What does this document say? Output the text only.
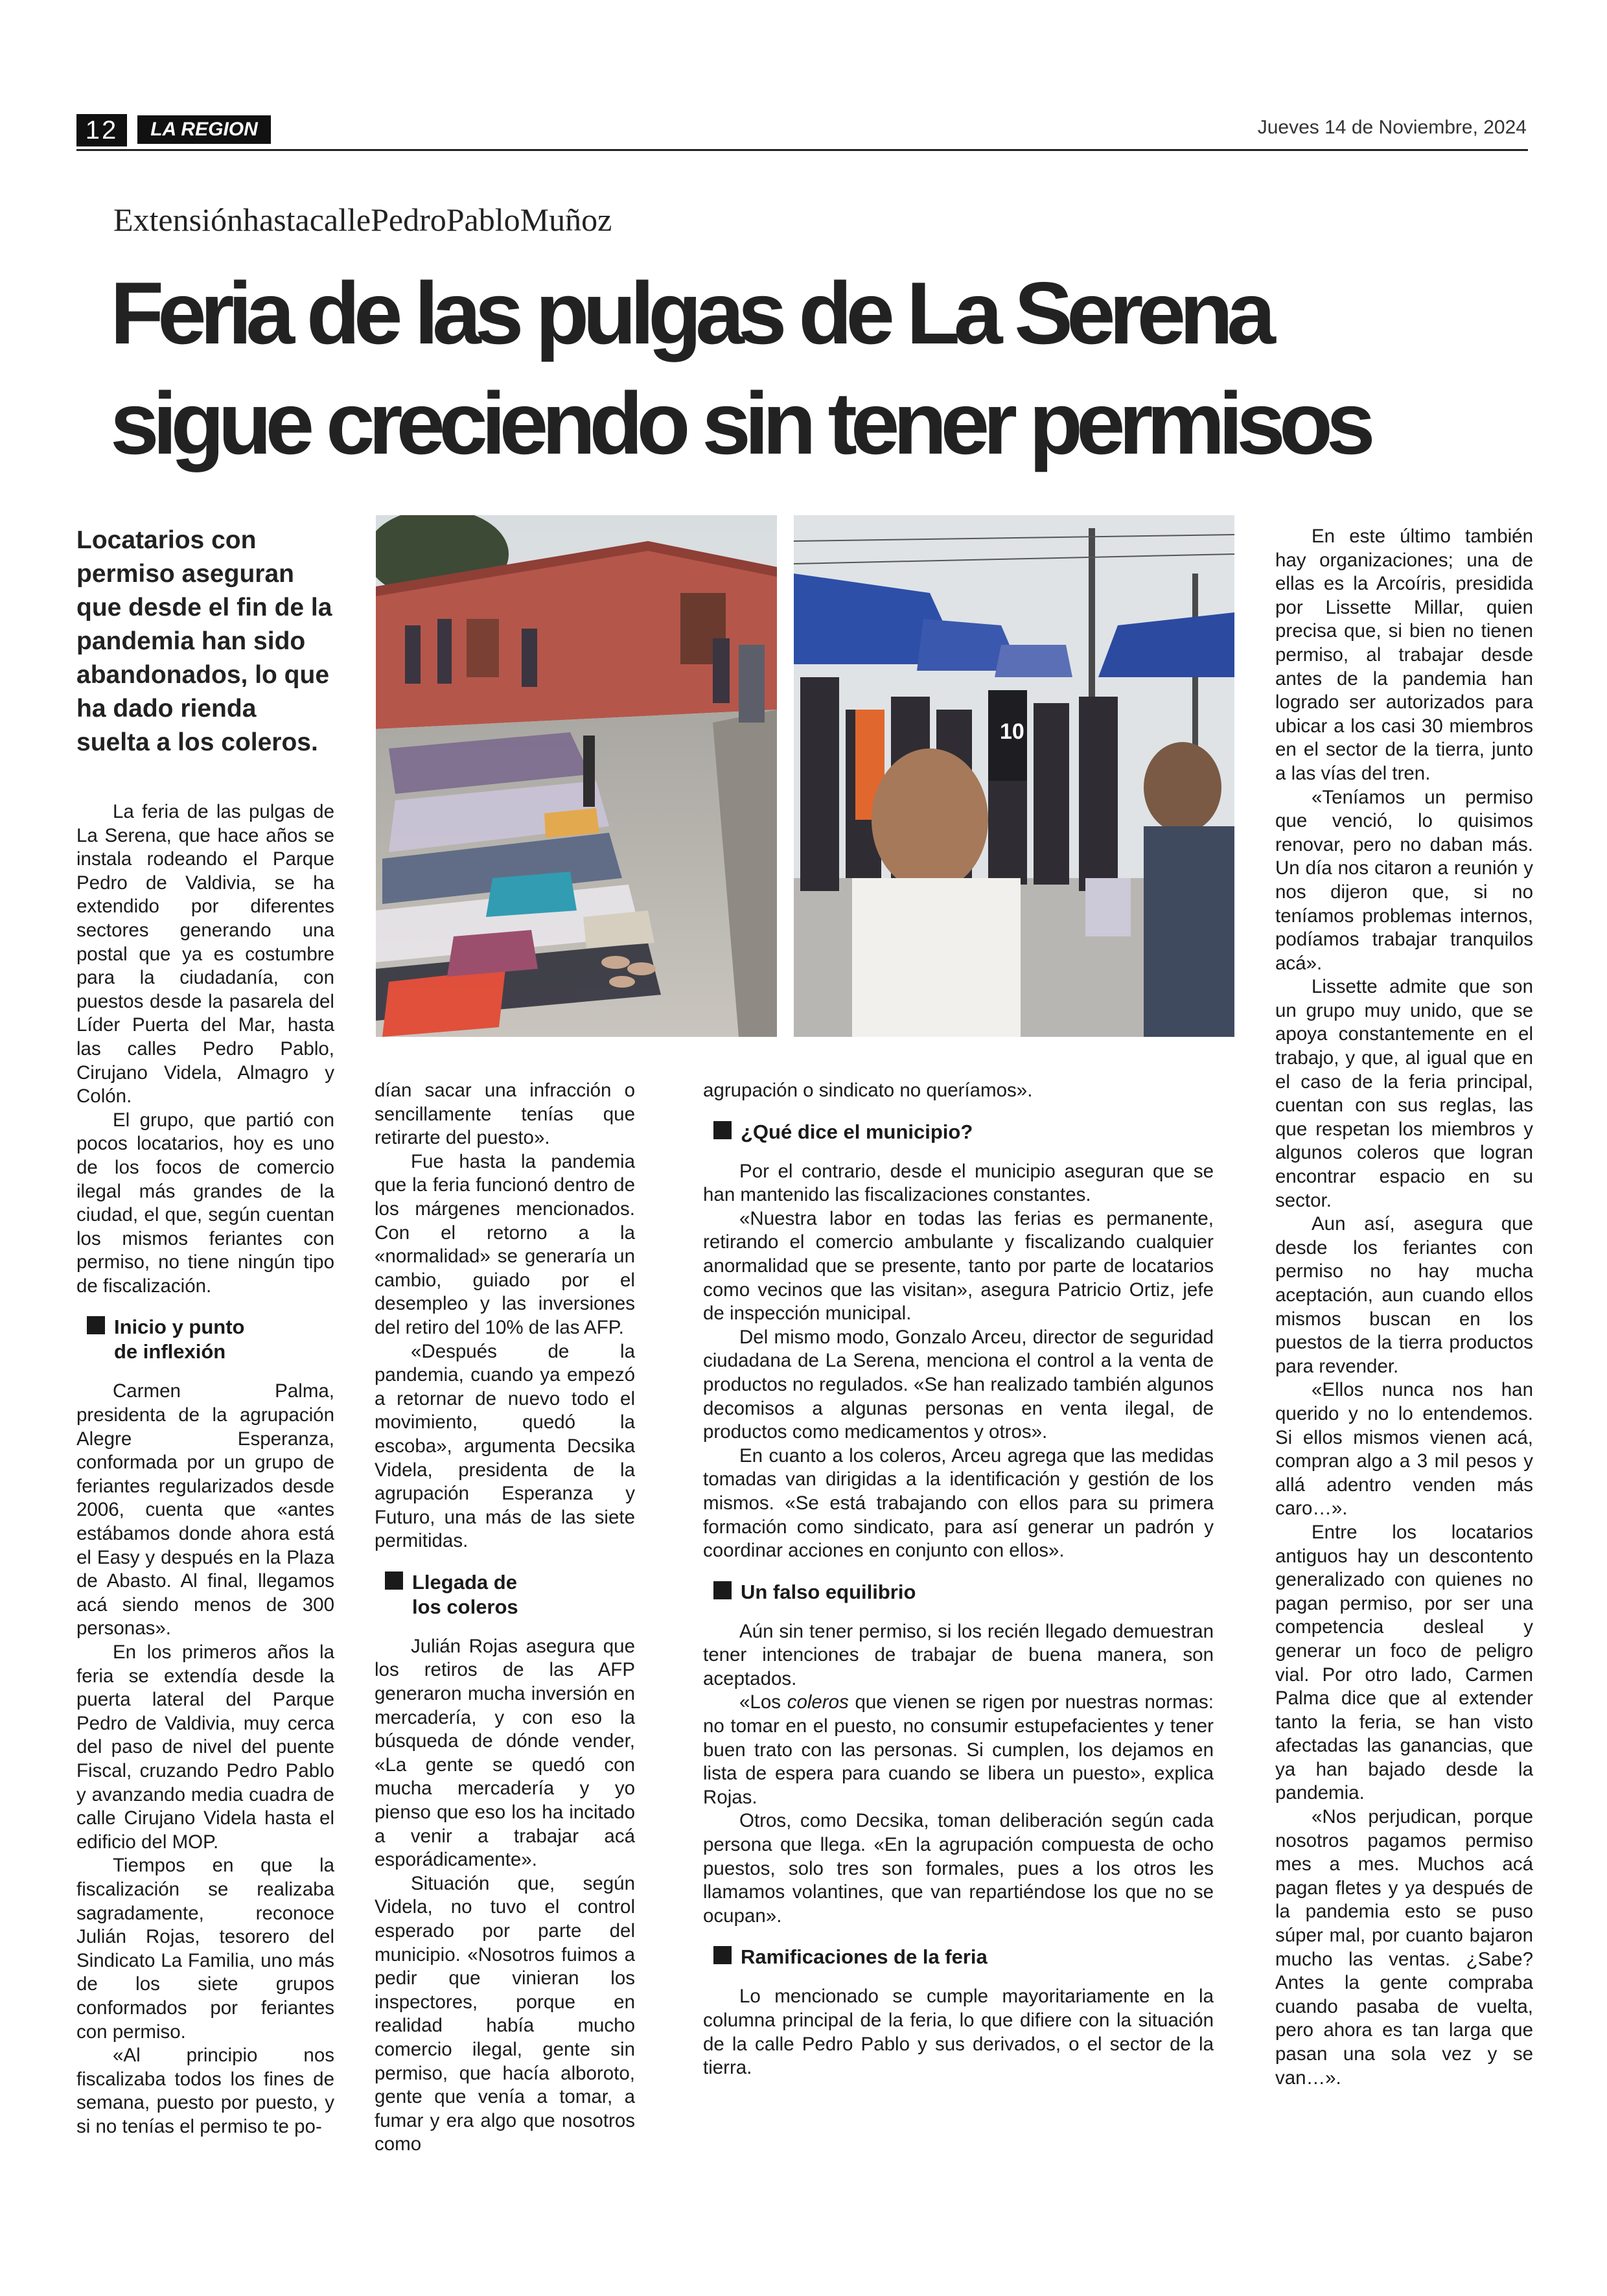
12	LA REGION	Jueves 14 de Noviembre, 2024
ExtensiónhastacallePedroPabloMuñoz
Feria de las pulgas de La Serena
sigue creciendo sin tener permisos
Locatarios con permiso aseguran que desde el fin de la pandemia han sido abandonados, lo que ha dado rienda suelta a los coleros.	10

La feria de las pulgas de La Serena, que hace años se instala rodeando el Parque Pedro de Valdivia, se ha extendido por diferentes sectores generando una postal que ya es costumbre para la ciudadanía, con puestos desde la pasarela del Líder Puerta del Mar, hasta las calles Pedro Pablo, Cirujano Videla, Almagro y Colón.

El grupo, que partió con pocos locatarios, hoy es uno de los focos de comercio ilegal más grandes de la ciudad, el que, según cuentan los mismos feriantes con permiso, no tiene ningún tipo de fiscalización.

Inicio y punto
de inflexión

Carmen Palma, presidenta de la agrupación Alegre Esperanza, conformada por un grupo de feriantes regularizados desde 2006, cuenta que «antes estábamos donde ahora está el Easy y después en la Plaza de Abasto. Al final, llegamos acá siendo menos de 300 personas».

En los primeros años la feria se extendía desde la puerta lateral del Parque Pedro de Valdivia, muy cerca del paso de nivel del puente Fiscal, cruzando Pedro Pablo y avanzando media cuadra de calle Cirujano Videla hasta el edificio del MOP.

Tiempos en que la fiscalización se realizaba sagradamente, reconoce Julián Rojas, tesorero del Sindicato La Familia, uno más de los siete grupos conformados por feriantes con permiso.

«Al principio nos fiscalizaba todos los fines de semana, puesto por puesto, y si no tenías el permiso te po-

dían sacar una infracción o sencillamente tenías que retirarte del puesto».

Fue hasta la pandemia que la feria funcionó dentro de los márgenes mencionados. Con el retorno a la «normalidad» se generaría un cambio, guiado por el desempleo y las inversiones del retiro del 10% de las AFP.

«Después de la pandemia, cuando ya empezó a retornar de nuevo todo el movimiento, quedó la escoba», argumenta Decsika Videla, presidenta de la agrupación Esperanza y Futuro, una más de las siete permitidas.

Llegada de
los coleros

Julián Rojas asegura que los retiros de las AFP generaron mucha inversión en mercadería, y con eso la búsqueda de dónde vender, «La gente se quedó con mucha mercadería y yo pienso que eso los ha incitado a venir a trabajar acá esporádicamente».

Situación que, según Videla, no tuvo el control esperado por parte del municipio. «Nosotros fuimos a pedir que vinieran los inspectores, porque en realidad había mucho comercio ilegal, gente sin permiso, que hacía alboroto, gente que venía a tomar, a fumar y era algo que nosotros como

agrupación o sindicato no queríamos».

¿Qué dice el municipio?

Por el contrario, desde el municipio aseguran que se han mantenido las fiscalizaciones constantes.

«Nuestra labor en todas las ferias es permanente, retirando el comercio ambulante y fiscalizando cualquier anormalidad que se presente, tanto por parte de locatarios como vecinos que las visitan», asegura Patricio Ortiz, jefe de inspección municipal.

Del mismo modo, Gonzalo Arceu, director de seguridad ciudadana de La Serena, menciona el control a la venta de productos no regulados. «Se han realizado también algunos decomisos a algunas personas en venta ilegal, de productos como medicamentos y otros».

En cuanto a los coleros, Arceu agrega que las medidas tomadas van dirigidas a la identificación y gestión de los mismos. «Se está trabajando con ellos para su primera formación como sindicato, para así generar un padrón y coordinar acciones en conjunto con ellos».

Un falso equilibrio

Aún sin tener permiso, si los recién llegado demuestran tener intenciones de trabajar de buena manera, son aceptados.

«Los coleros que vienen se rigen por nuestras normas: no tomar en el puesto, no consumir estupefacientes y tener buen trato con las personas. Si cumplen, los dejamos en lista de espera para cuando se libera un puesto», explica Rojas.

Otros, como Decsika, toman deliberación según cada persona que llega. «En la agrupación compuesta de ocho puestos, solo tres son formales, pues a los otros les llamamos volantines, que van repartiéndose los que no se ocupan».

Ramificaciones de la feria

Lo mencionado se cumple mayoritariamente en la columna principal de la feria, lo que difiere con la situación de la calle Pedro Pablo y sus derivados, o el sector de la tierra.

En este último también hay organizaciones; una de ellas es la Arcoíris, presidida por Lissette Millar, quien precisa que, si bien no tienen permiso, al trabajar desde antes de la pandemia han logrado ser autorizados para ubicar a los casi 30 miembros en el sector de la tierra, junto a las vías del tren.

«Teníamos un permiso que venció, lo quisimos renovar, pero no daban más. Un día nos citaron a reunión y nos dijeron que, si no teníamos problemas internos, podíamos trabajar tranquilos acá».

Lissette admite que son un grupo muy unido, que se apoya constantemente en el trabajo, y que, al igual que en el caso de la feria principal, cuentan con sus reglas, las que respetan los miembros y algunos coleros que logran encontrar espacio en su sector.

Aun así, asegura que desde los feriantes con permiso no hay mucha aceptación, aun cuando ellos mismos buscan en los puestos de la tierra productos para revender.

«Ellos nunca nos han querido y no lo entendemos. Si ellos mismos vienen acá, compran algo a 3 mil pesos y allá adentro venden más caro…».

Entre los locatarios antiguos hay un descontento generalizado con quienes no pagan permiso, por ser una competencia desleal y generar un foco de peligro vial. Por otro lado, Carmen Palma dice que al extender tanto la feria, se han visto afectadas las ganancias, que ya han bajado desde la pandemia.

«Nos perjudican, porque nosotros pagamos permiso mes a mes. Muchos acá pagan fletes y ya después de la pandemia esto se puso súper mal, por cuanto bajaron mucho las ventas. ¿Sabe? Antes la gente compraba cuando pasaba de vuelta, pero ahora es tan larga que pasan una sola vez y se van…».
